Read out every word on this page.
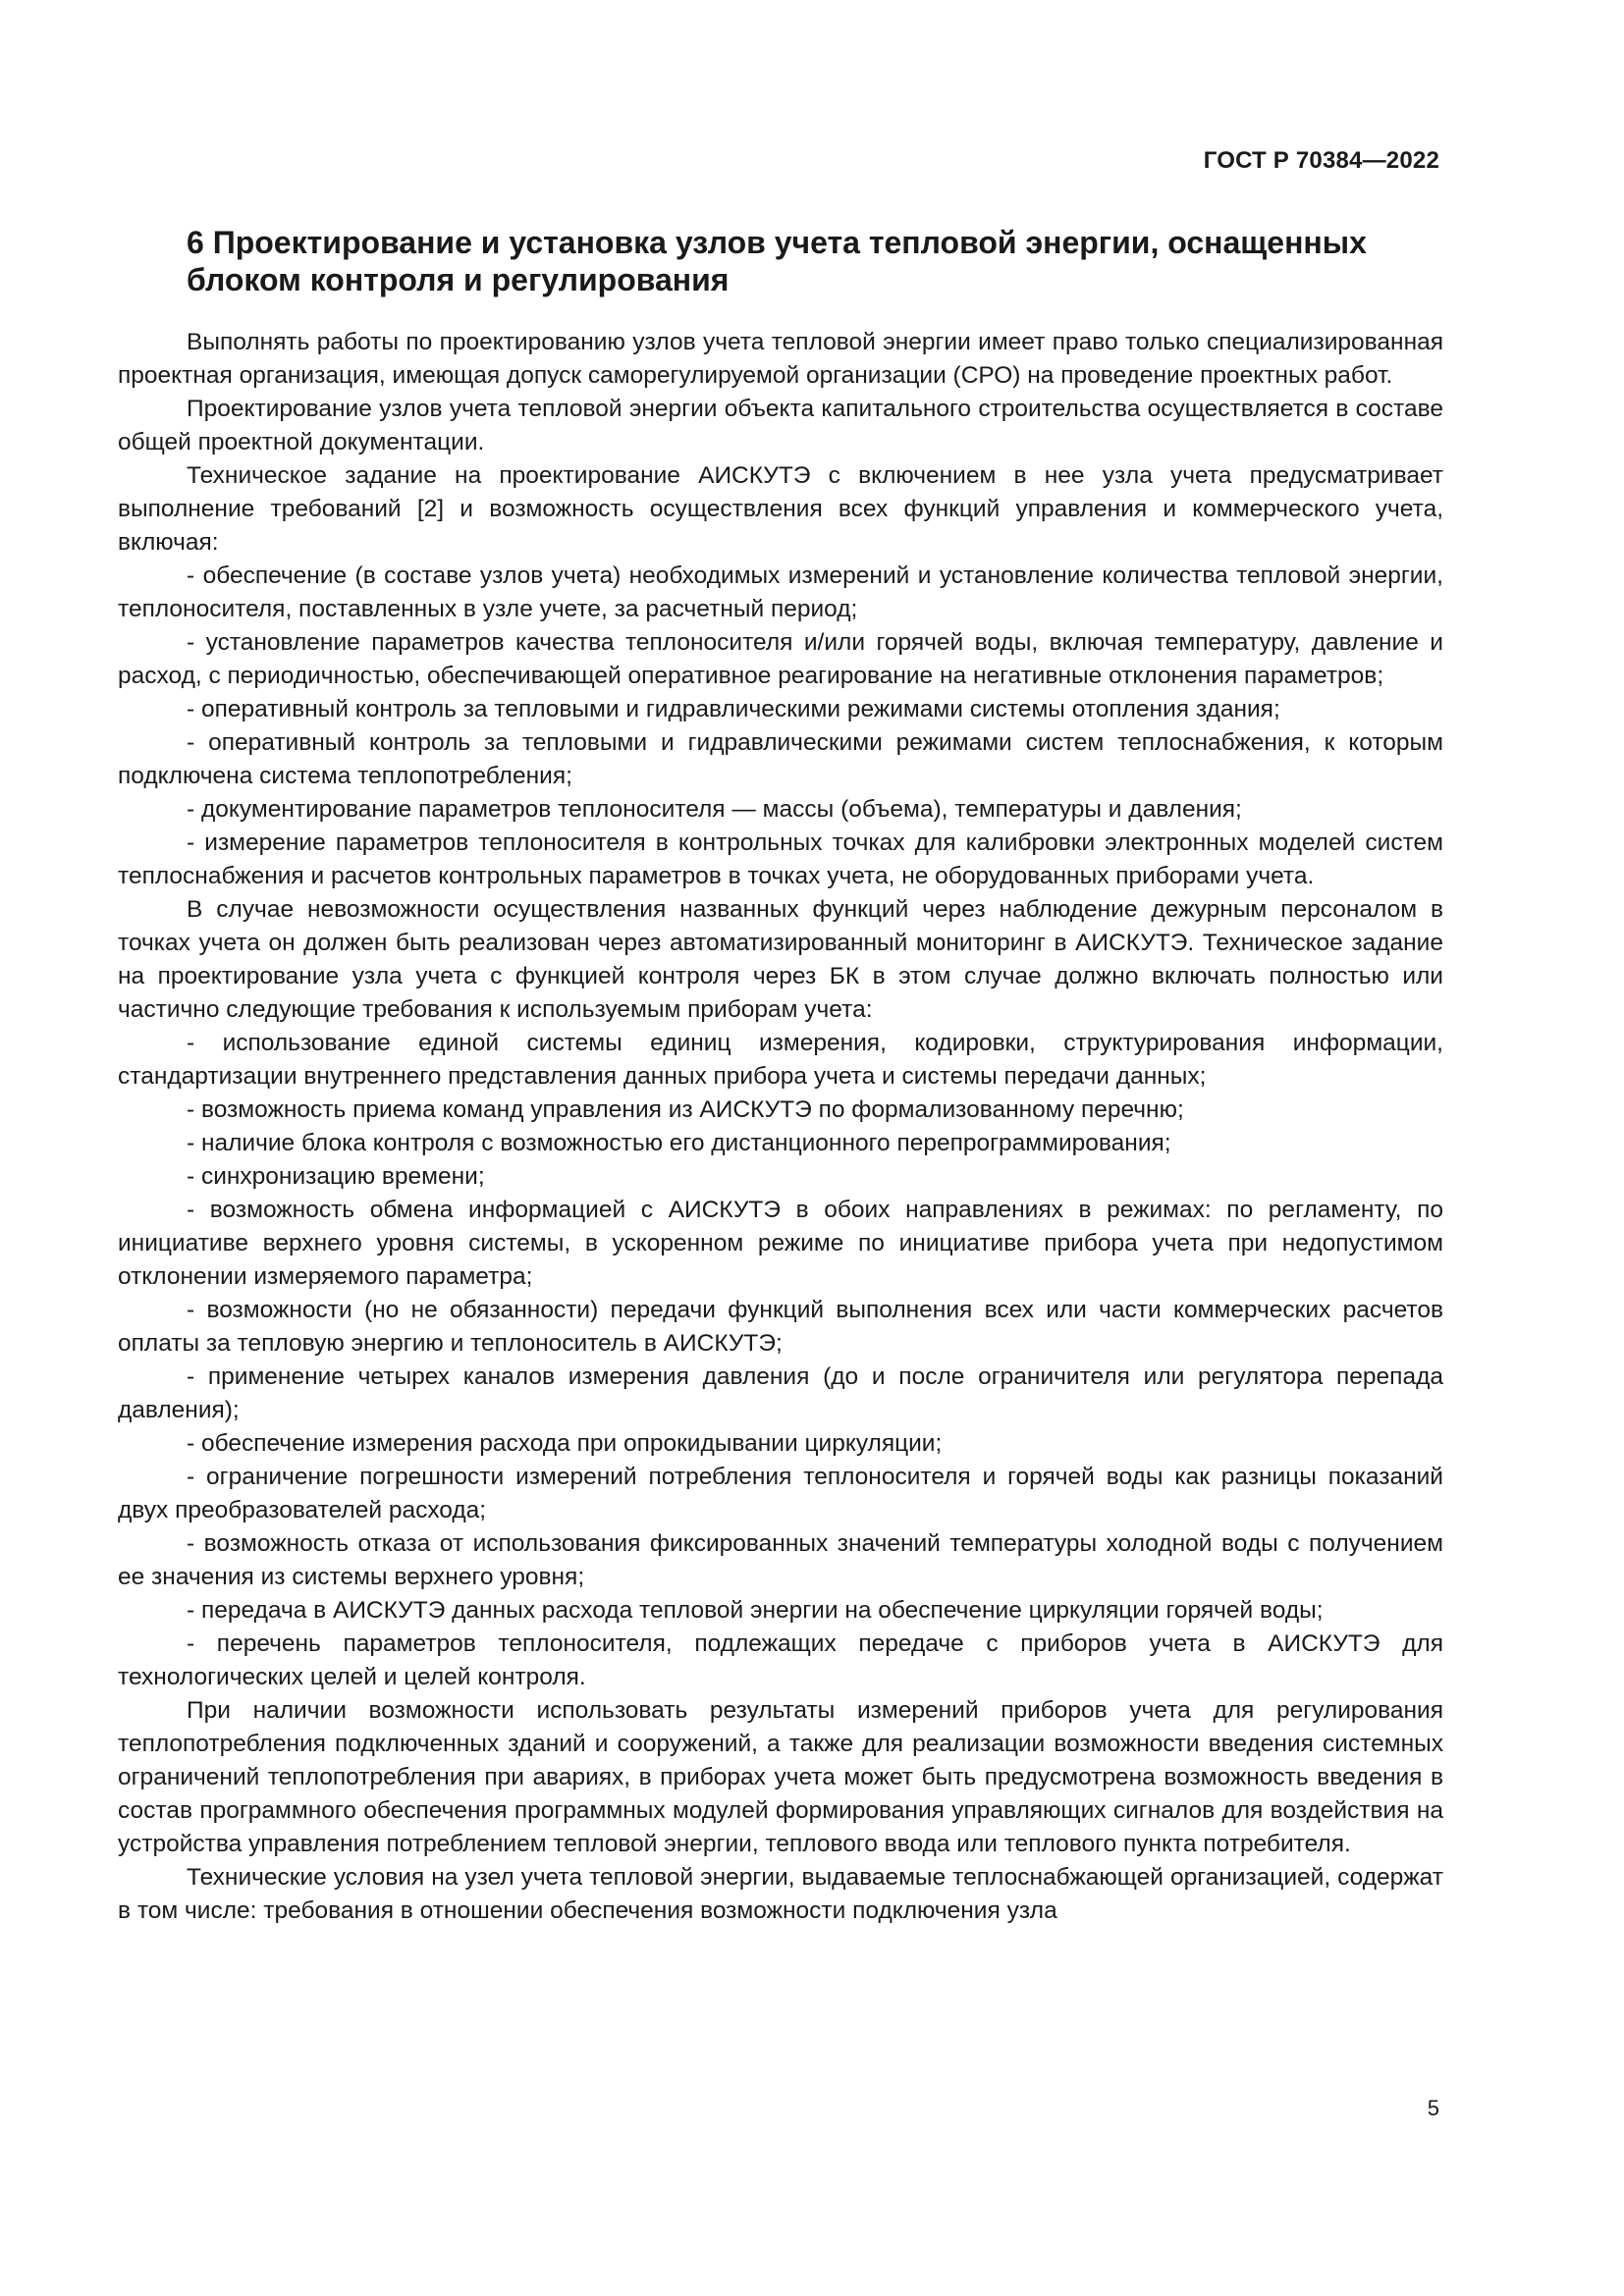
ГОСТ Р 70384—2022
6 Проектирование и установка узлов учета тепловой энергии, оснащенных блоком контроля и регулирования

Выполнять работы по проектированию узлов учета тепловой энергии имеет право только специализированная проектная организация, имеющая допуск саморегулируемой организации (СРО) на проведение проектных работ.

Проектирование узлов учета тепловой энергии объекта капитального строительства осуществляется в составе общей проектной документации.

Техническое задание на проектирование АИСКУТЭ с включением в нее узла учета предусматривает выполнение требований [2] и возможность осуществления всех функций управления и коммерческого учета, включая:

- обеспечение (в составе узлов учета) необходимых измерений и установление количества тепловой энергии, теплоносителя, поставленных в узле учете, за расчетный период;

- установление параметров качества теплоносителя и/или горячей воды, включая температуру, давление и расход, с периодичностью, обеспечивающей оперативное реагирование на негативные отклонения параметров;

- оперативный контроль за тепловыми и гидравлическими режимами системы отопления здания;

- оперативный контроль за тепловыми и гидравлическими режимами систем теплоснабжения, к которым подключена система теплопотребления;

- документирование параметров теплоносителя — массы (объема), температуры и давления;

- измерение параметров теплоносителя в контрольных точках для калибровки электронных моделей систем теплоснабжения и расчетов контрольных параметров в точках учета, не оборудованных приборами учета.

В случае невозможности осуществления названных функций через наблюдение дежурным персоналом в точках учета он должен быть реализован через автоматизированный мониторинг в АИСКУТЭ. Техническое задание на проектирование узла учета с функцией контроля через БК в этом случае должно включать полностью или частично следующие требования к используемым приборам учета:

- использование единой системы единиц измерения, кодировки, структурирования информации, стандартизации внутреннего представления данных прибора учета и системы передачи данных;

- возможность приема команд управления из АИСКУТЭ по формализованному перечню;

- наличие блока контроля с возможностью его дистанционного перепрограммирования;

- синхронизацию времени;

- возможность обмена информацией с АИСКУТЭ в обоих направлениях в режимах: по регламенту, по инициативе верхнего уровня системы, в ускоренном режиме по инициативе прибора учета при недопустимом отклонении измеряемого параметра;

- возможности (но не обязанности) передачи функций выполнения всех или части коммерческих расчетов оплаты за тепловую энергию и теплоноситель в АИСКУТЭ;

- применение четырех каналов измерения давления (до и после ограничителя или регулятора перепада давления);

- обеспечение измерения расхода при опрокидывании циркуляции;

- ограничение погрешности измерений потребления теплоносителя и горячей воды как разницы показаний двух преобразователей расхода;

- возможность отказа от использования фиксированных значений температуры холодной воды с получением ее значения из системы верхнего уровня;

- передача в АИСКУТЭ данных расхода тепловой энергии на обеспечение циркуляции горячей воды;

- перечень параметров теплоносителя, подлежащих передаче с приборов учета в АИСКУТЭ для технологических целей и целей контроля.

При наличии возможности использовать результаты измерений приборов учета для регулирования теплопотребления подключенных зданий и сооружений, а также для реализации возможности введения системных ограничений теплопотребления при авариях, в приборах учета может быть предусмотрена возможность введения в состав программного обеспечения программных модулей формирования управляющих сигналов для воздействия на устройства управления потреблением тепловой энергии, теплового ввода или теплового пункта потребителя.

Технические условия на узел учета тепловой энергии, выдаваемые теплоснабжающей организацией, содержат в том числе: требования в отношении обеспечения возможности подключения узла

5
